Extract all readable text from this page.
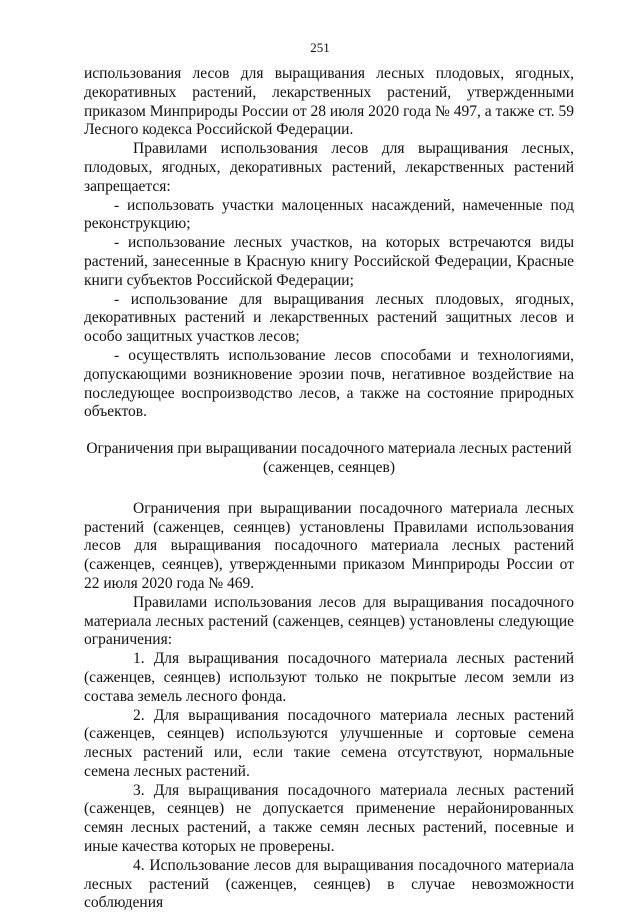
251

использования лесов для выращивания лесных плодовых, ягодных, декоративных растений, лекарственных растений, утвержденными приказом Минприроды России от 28 июля 2020 года № 497, а также ст. 59 Лесного кодекса Российской Федерации.

Правилами использования лесов для выращивания лесных, плодовых, ягодных, декоративных растений, лекарственных растений запрещается:

- использовать участки малоценных насаждений, намеченные под реконструкцию;

- использование лесных участков, на которых встречаются виды растений, занесенные в Красную книгу Российской Федерации, Красные книги субъектов Российской Федерации;

- использование для выращивания лесных плодовых, ягодных, декоративных растений и лекарственных растений защитных лесов и особо защитных участков лесов;

- осуществлять использование лесов способами и технологиями, допускающими возникновение эрозии почв, негативное воздействие на последующее воспроизводство лесов, а также на состояние природных объектов.

Ограничения при выращивании посадочного материала лесных растений
(саженцев, сеянцев)

Ограничения при выращивании посадочного материала лесных растений (саженцев, сеянцев) установлены Правилами использования лесов для выращивания посадочного материала лесных растений (саженцев, сеянцев), утвержденными приказом Минприроды России от 22 июля 2020 года № 469.

Правилами использования лесов для выращивания посадочного материала лесных растений (саженцев, сеянцев) установлены следующие ограничения:

1. Для выращивания посадочного материала лесных растений (саженцев, сеянцев) используют только не покрытые лесом земли из состава земель лесного фонда.

2. Для выращивания посадочного материала лесных растений (саженцев, сеянцев) используются улучшенные и сортовые семена лесных растений или, если такие семена отсутствуют, нормальные семена лесных растений.

3. Для выращивания посадочного материала лесных растений (саженцев, сеянцев) не допускается применение нерайонированных семян лесных растений, а также семян лесных растений, посевные и иные качества которых не проверены.

4. Использование лесов для выращивания посадочного материала лесных растений (саженцев, сеянцев) в случае невозможности соблюдения
